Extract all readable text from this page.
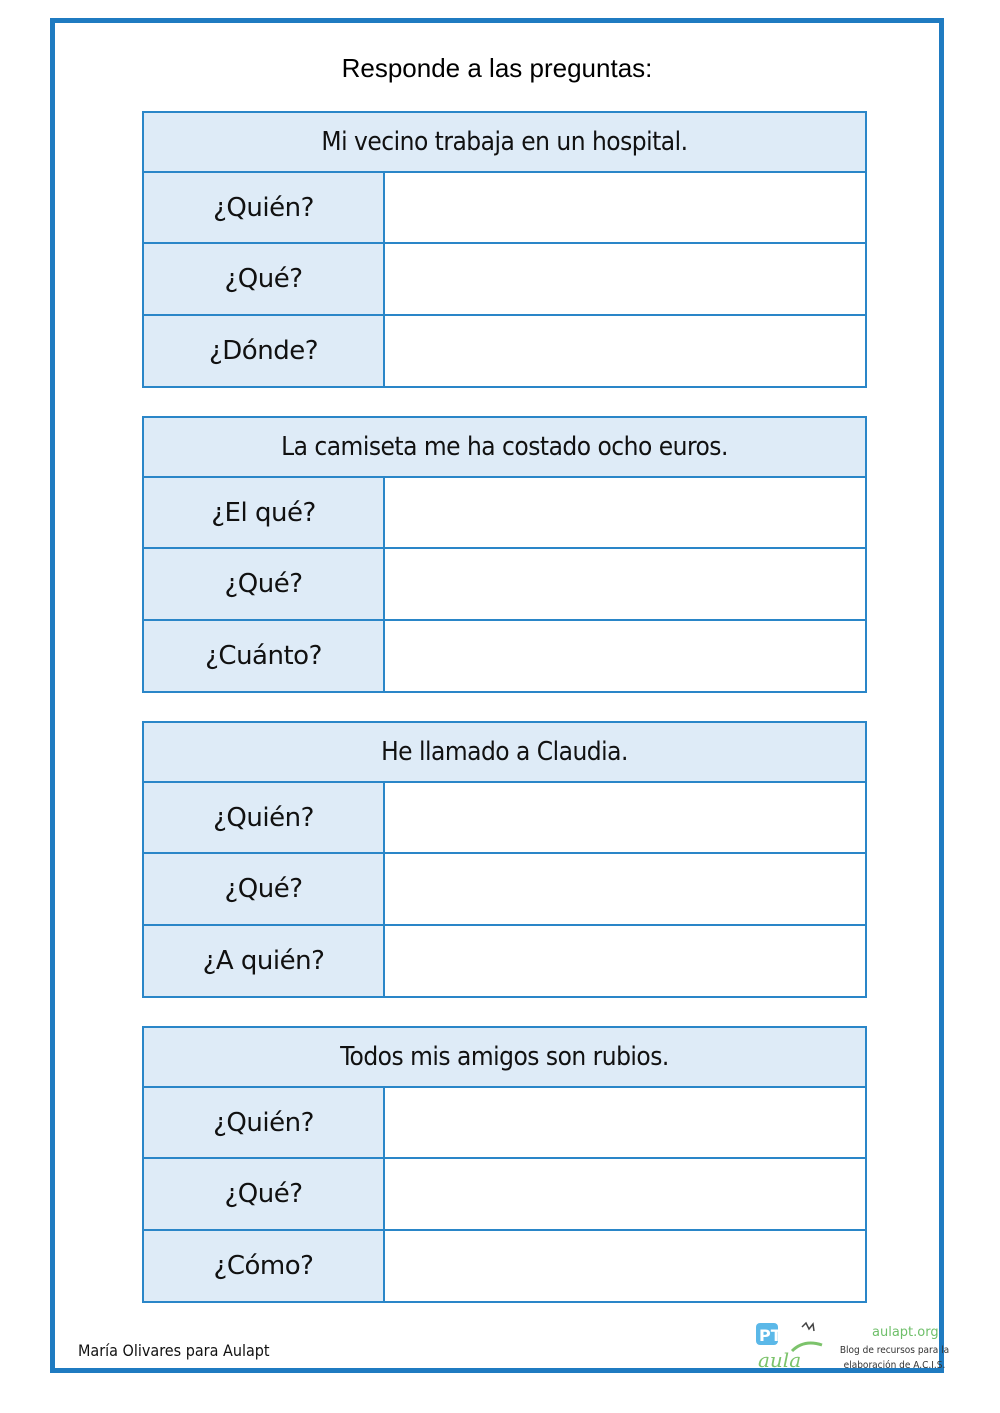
Responde a las preguntas:
Mi vecino trabaja en un hospital.
¿Quién?
¿Qué?
¿Dónde?
La camiseta me ha costado ocho euros.
¿El qué?
¿Qué?
¿Cuánto?
He llamado a Claudia.
¿Quién?
¿Qué?
¿A quién?
Todos mis amigos son rubios.
¿Quién?
¿Qué?
¿Cómo?
María Olivares para Aulapt
PT
aula
aulapt.org
Blog de recursos para la elaboración de A.C.I.S.
